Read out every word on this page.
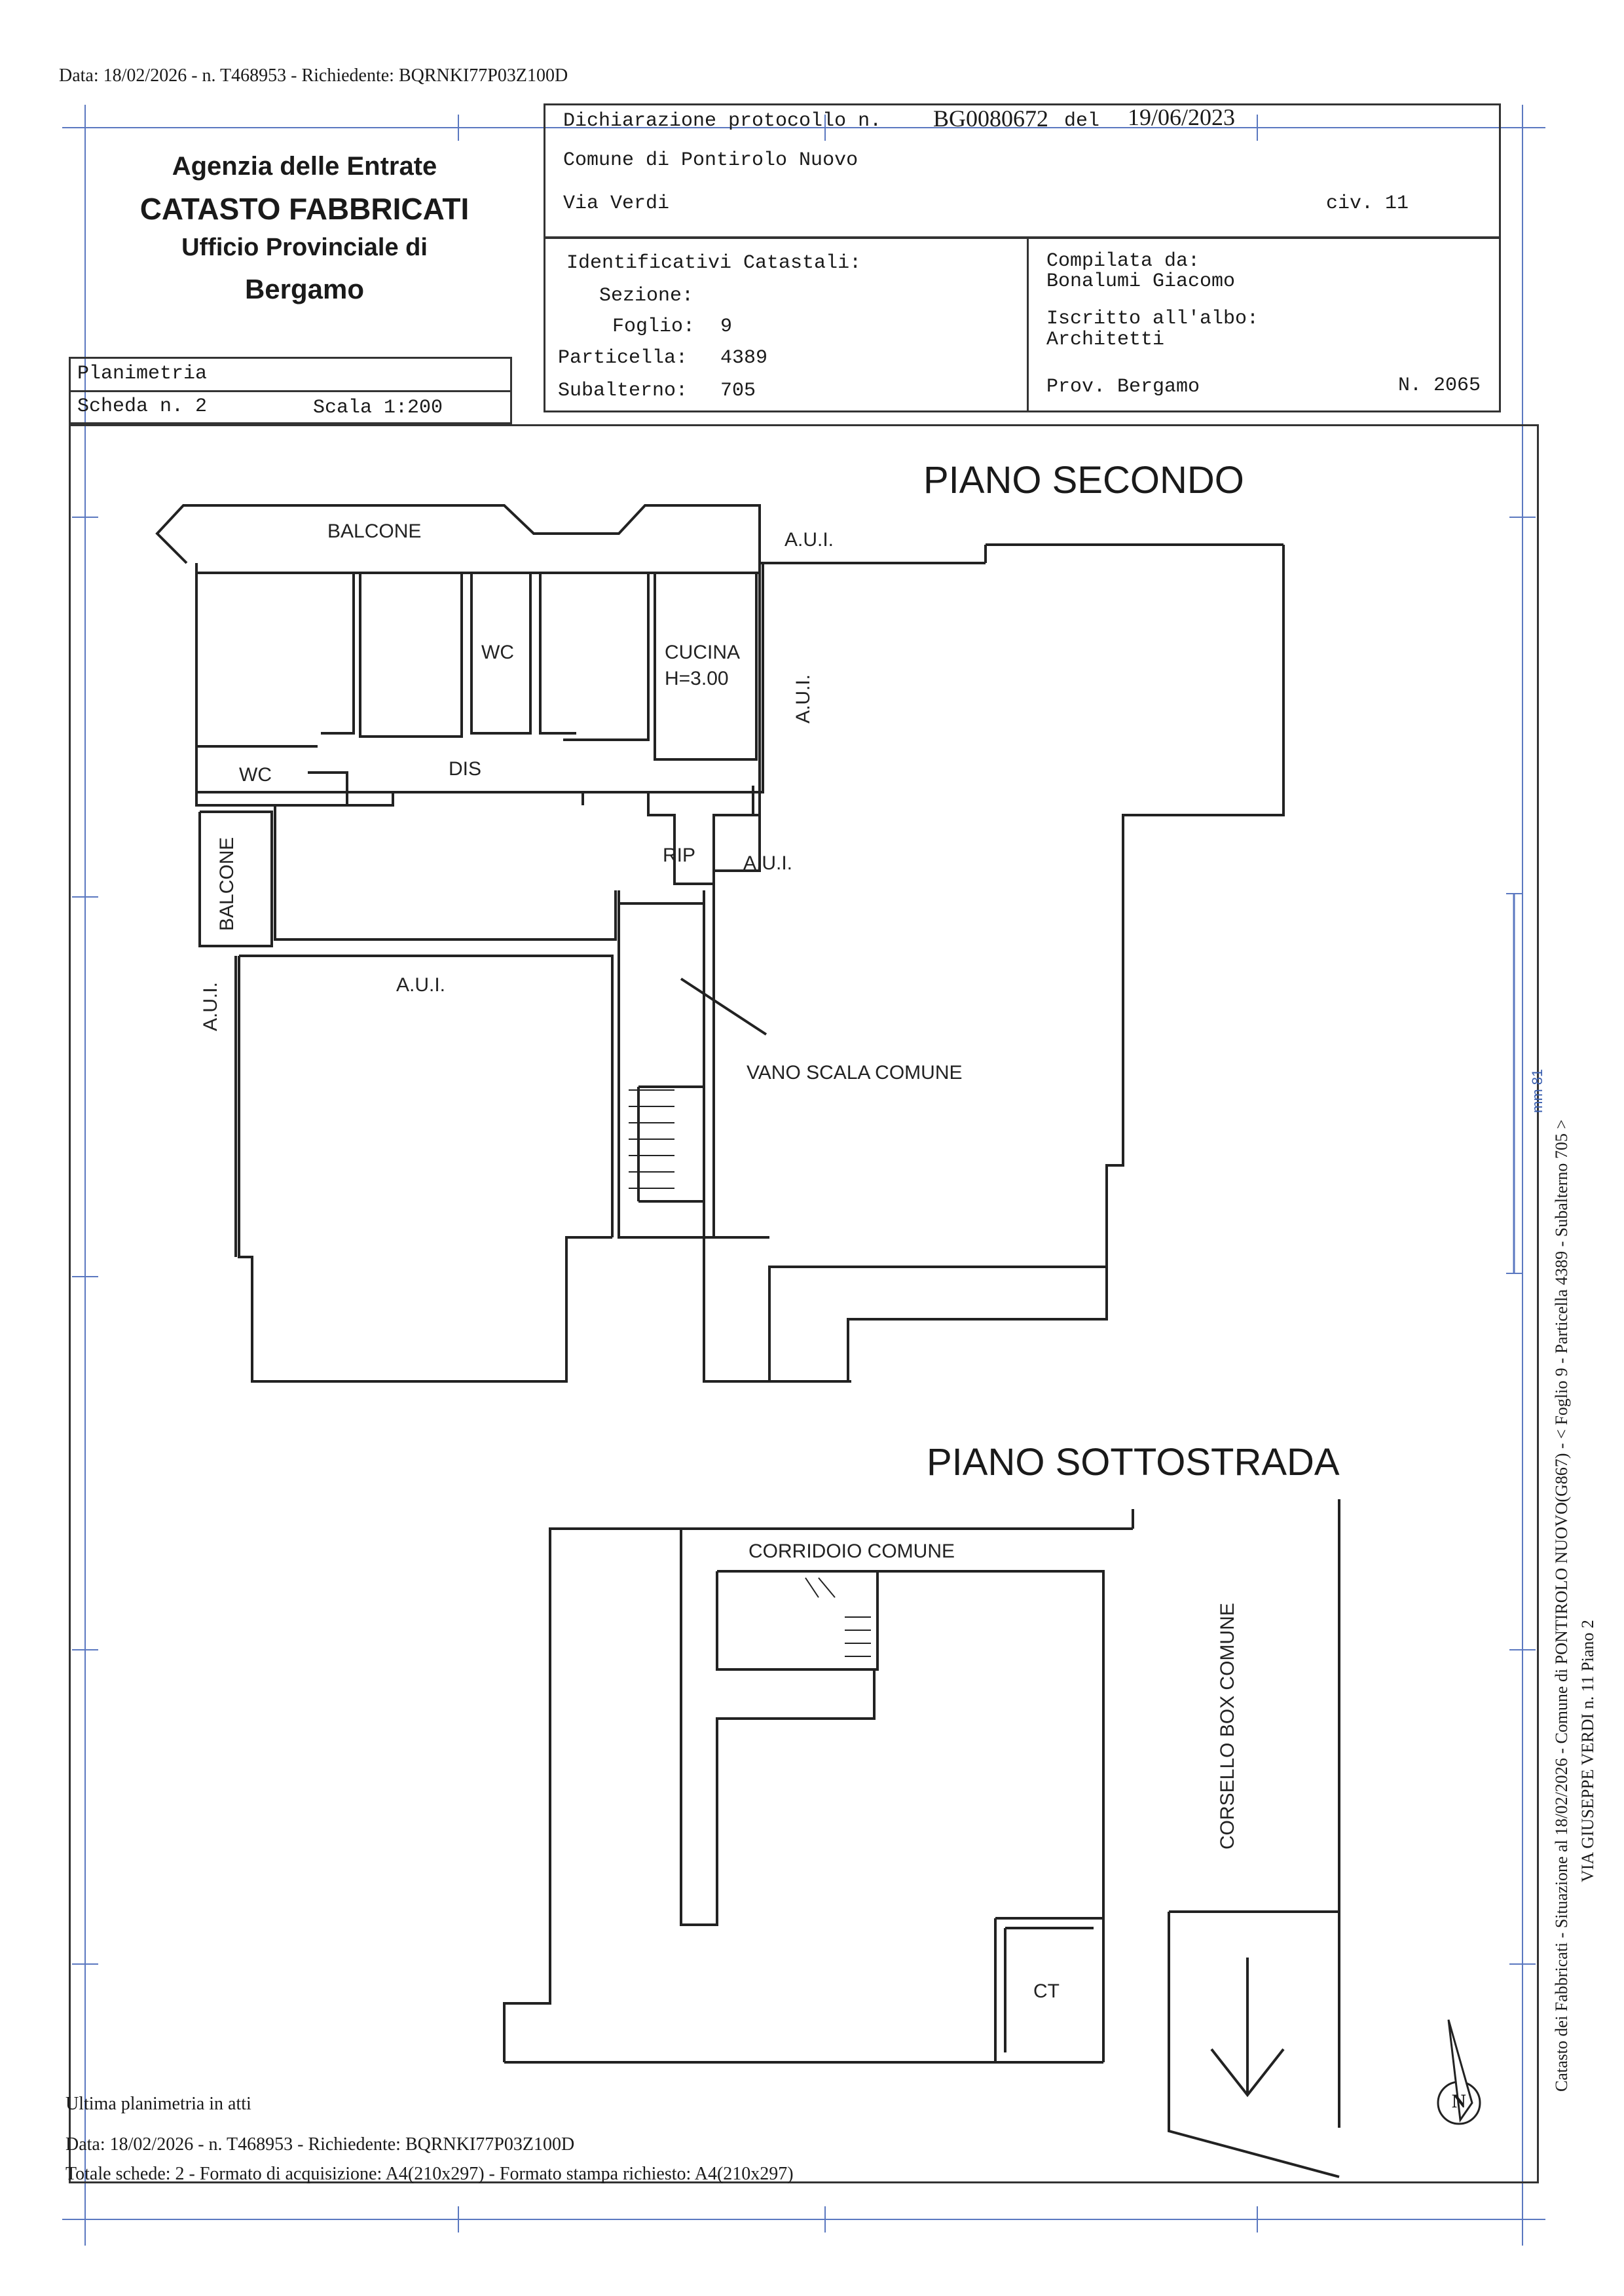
Data: 18/02/2026 - n. T468953 - Richiedente: BQRNKI77P03Z100D
Agenzia delle Entrate
CATASTO FABBRICATI
Ufficio Provinciale di
Bergamo
Dichiarazione protocollo n. BG0080672 del 19/06/2023
Comune di Pontirolo Nuovo
Via Verdi	civ. 11
Identificativi Catastali:
Sezione:
Foglio: 9
Particella: 4389
Subalterno: 705
Compilata da:
Bonalumi Giacomo
Iscritto all'albo:
Architetti
Prov. Bergamo	N. 2065
Planimetria
Scheda n. 2	Scala 1:200
PIANO SECONDO
PIANO SOTTOSTRADA
BALCONE	A.U.I.
WC	CUCINA
H=3.00	A.U.I.
WC	DIS
RIP A.U.I.
BALCONE
A.U.I.	A.U.I.
VANO SCALA COMUNE
CORRIDOIO COMUNE
CORSELLO BOX COMUNE
CT
N
Catasto dei Fabbricati - Situazione al 18/02/2026 - Comune di PONTIROLO NUOVO(G867) - < Foglio 9 - Particella 4389 - Subalterno 705 > VIA GIUSEPPE VERDI n. 11 Piano 2
mm 81
Ultima planimetria in atti
Data: 18/02/2026 - n. T468953 - Richiedente: BQRNKI77P03Z100D
Totale schede: 2 - Formato di acquisizione: A4(210x297) - Formato stampa richiesto: A4(210x297)
